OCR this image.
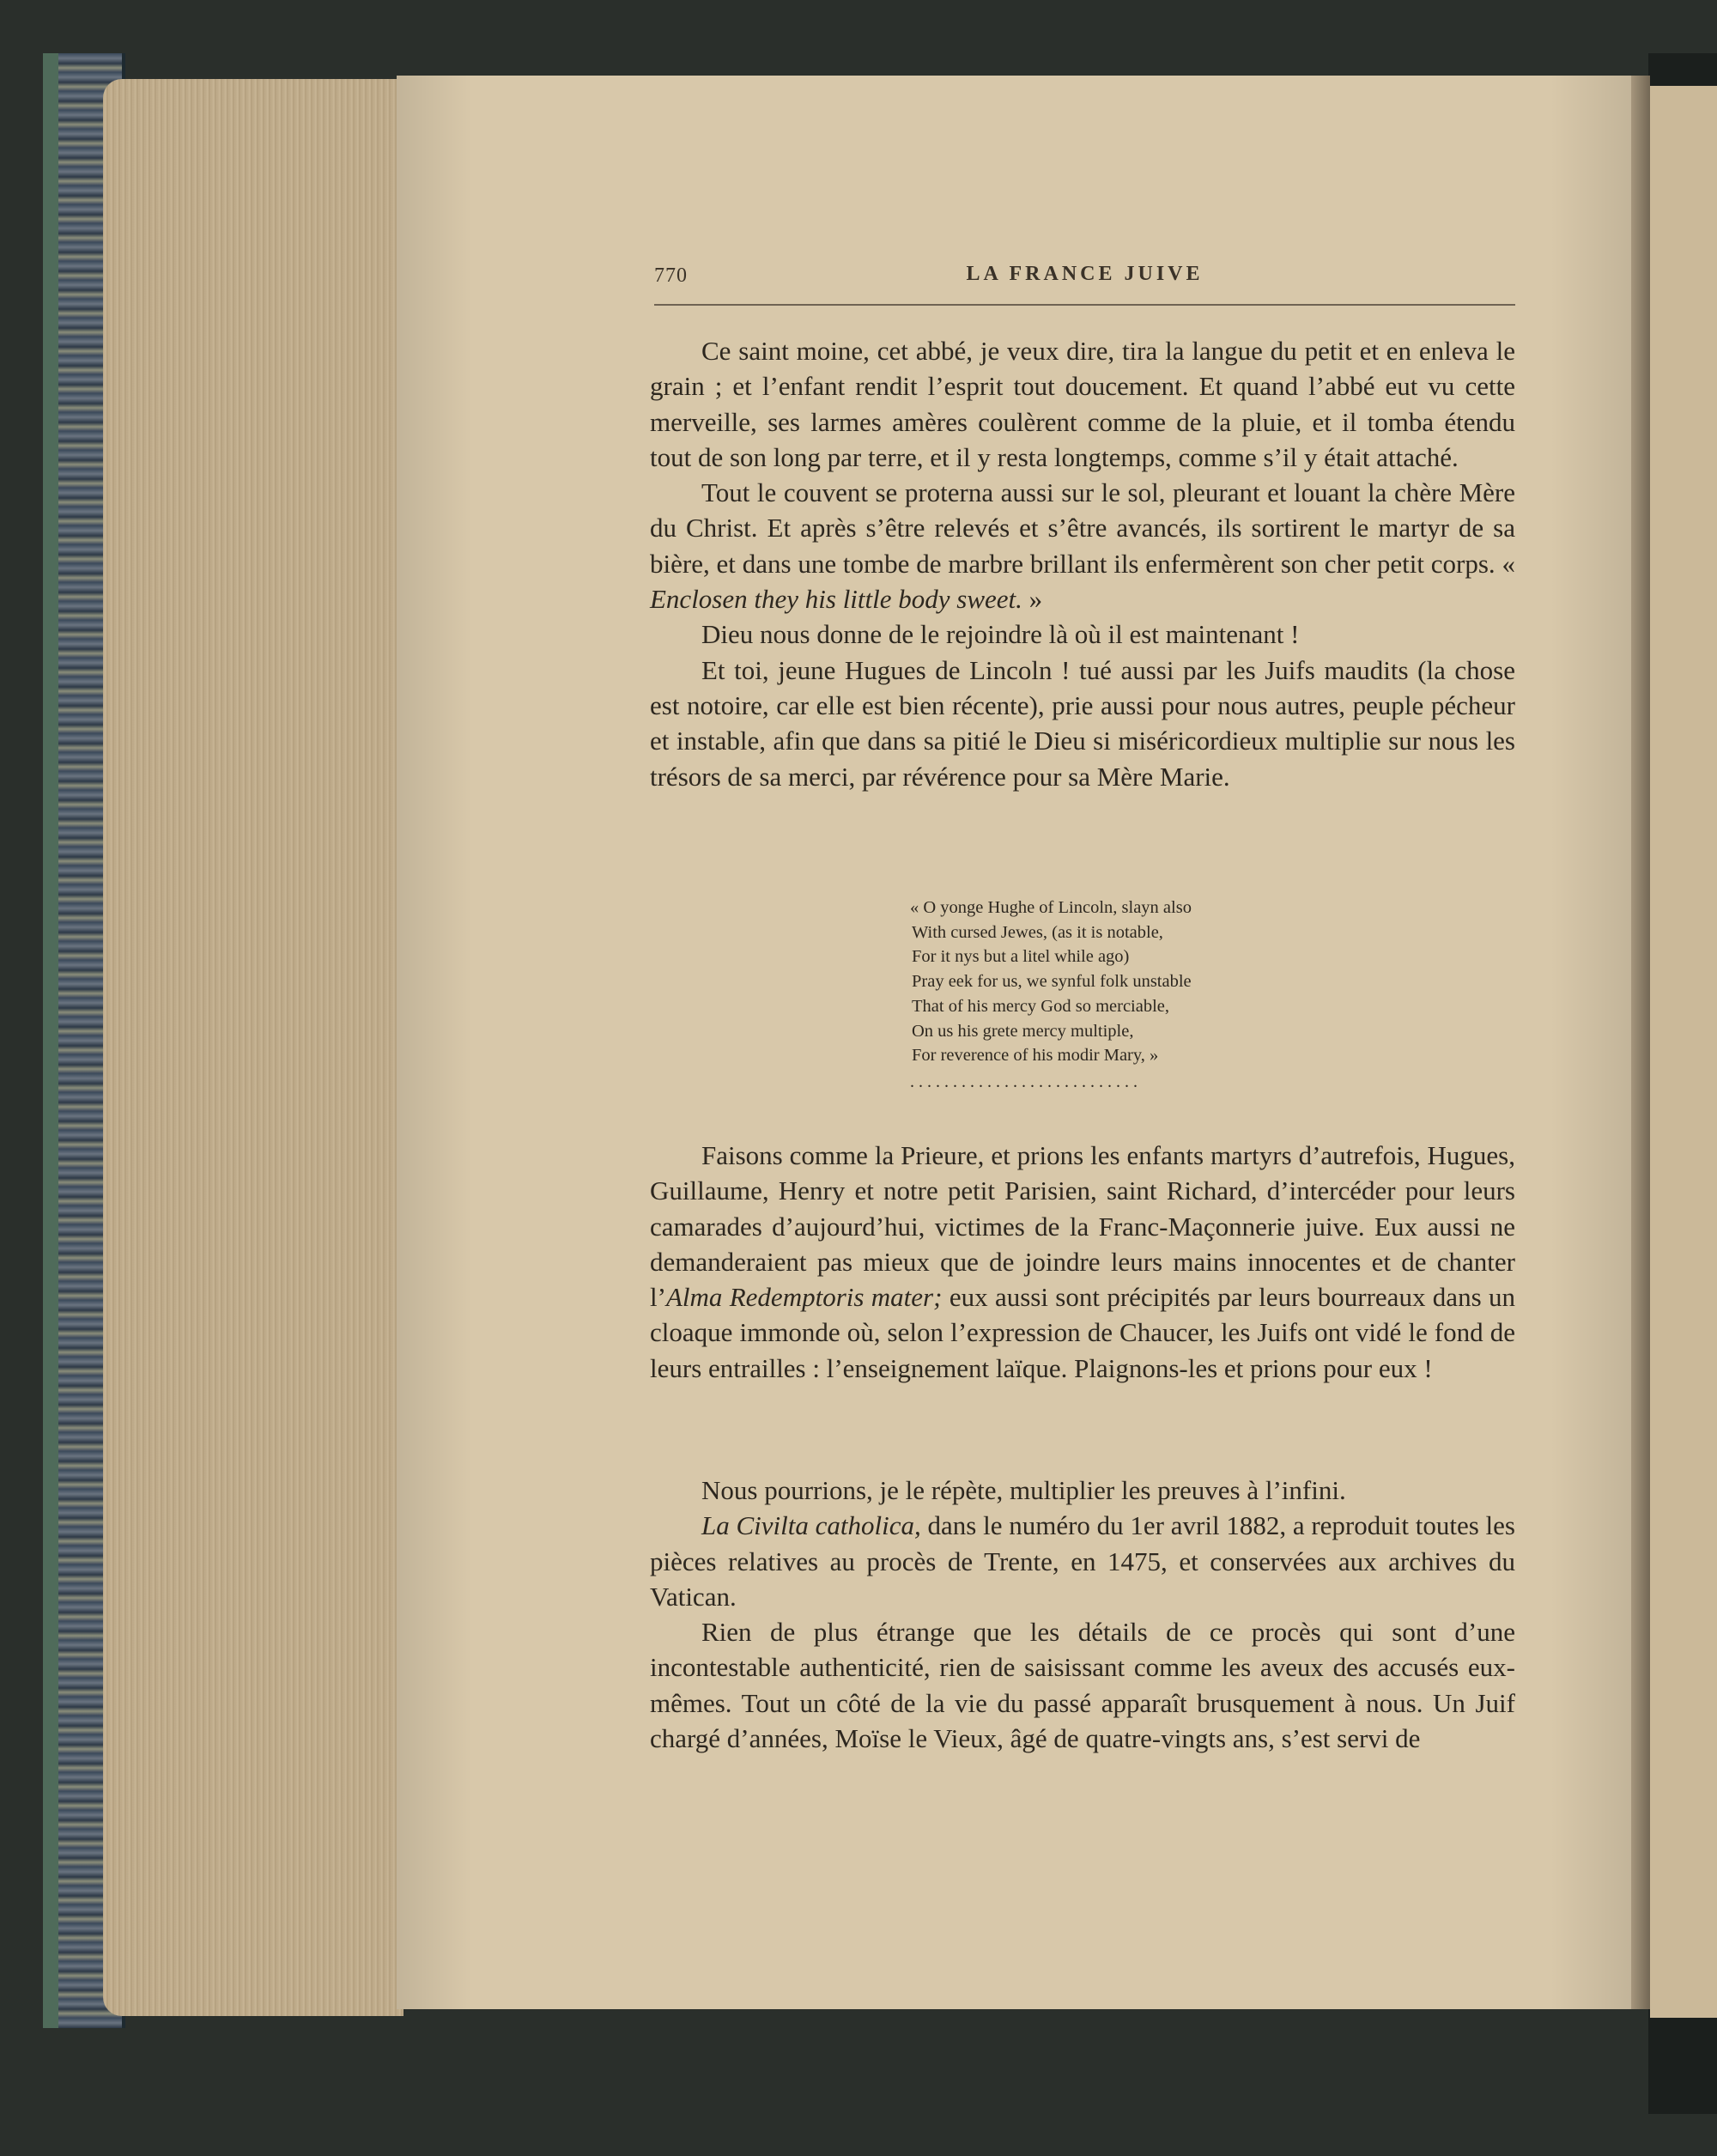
770	LA FRANCE JUIVE

Ce saint moine, cet abbé, je veux dire, tira la langue du petit et en enleva le grain ; et l’enfant rendit l’esprit tout doucement. Et quand l’abbé eut vu cette merveille, ses larmes amères coulèrent comme de la pluie, et il tomba étendu tout de son long par terre, et il y resta longtemps, comme s’il y était attaché.

Tout le couvent se proterna aussi sur le sol, pleurant et louant la chère Mère du Christ. Et après s’être relevés et s’être avancés, ils sortirent le martyr de sa bière, et dans une tombe de marbre brillant ils enfermèrent son cher petit corps. « Enclosen they his little body sweet. »

Dieu nous donne de le rejoindre là où il est maintenant !

Et toi, jeune Hugues de Lincoln ! tué aussi par les Juifs maudits (la chose est notoire, car elle est bien récente), prie aussi pour nous autres, peuple pécheur et instable, afin que dans sa pitié le Dieu si miséricordieux multiplie sur nous les trésors de sa merci, par révérence pour sa Mère Marie.

« O yonge Hughe of Lincoln, slayn also
With cursed Jewes, (as it is notable,
For it nys but a litel while ago)
Pray eek for us, we synful folk unstable
That of his mercy God so merciable,
On us his grete mercy multiple,
For reverence of his modir Mary, »
...........................

Faisons comme la Prieure, et prions les enfants martyrs d’autrefois, Hugues, Guillaume, Henry et notre petit Parisien, saint Richard, d’intercéder pour leurs camarades d’aujourd’hui, victimes de la Franc-Maçonnerie juive. Eux aussi ne demanderaient pas mieux que de joindre leurs mains innocentes et de chanter l’Alma Redemptoris mater; eux aussi sont précipités par leurs bourreaux dans un cloaque immonde où, selon l’expression de Chaucer, les Juifs ont vidé le fond de leurs entrailles : l’enseignement laïque. Plaignons-les et prions pour eux !

Nous pourrions, je le répète, multiplier les preuves à l’infini.

La Civilta catholica, dans le numéro du 1er avril 1882, a reproduit toutes les pièces relatives au procès de Trente, en 1475, et conservées aux archives du Vatican.

Rien de plus étrange que les détails de ce procès qui sont d’une incontestable authenticité, rien de saisissant comme les aveux des accusés eux-mêmes. Tout un côté de la vie du passé apparaît brusquement à nous. Un Juif chargé d’années, Moïse le Vieux, âgé de quatre-vingts ans, s’est servi de
